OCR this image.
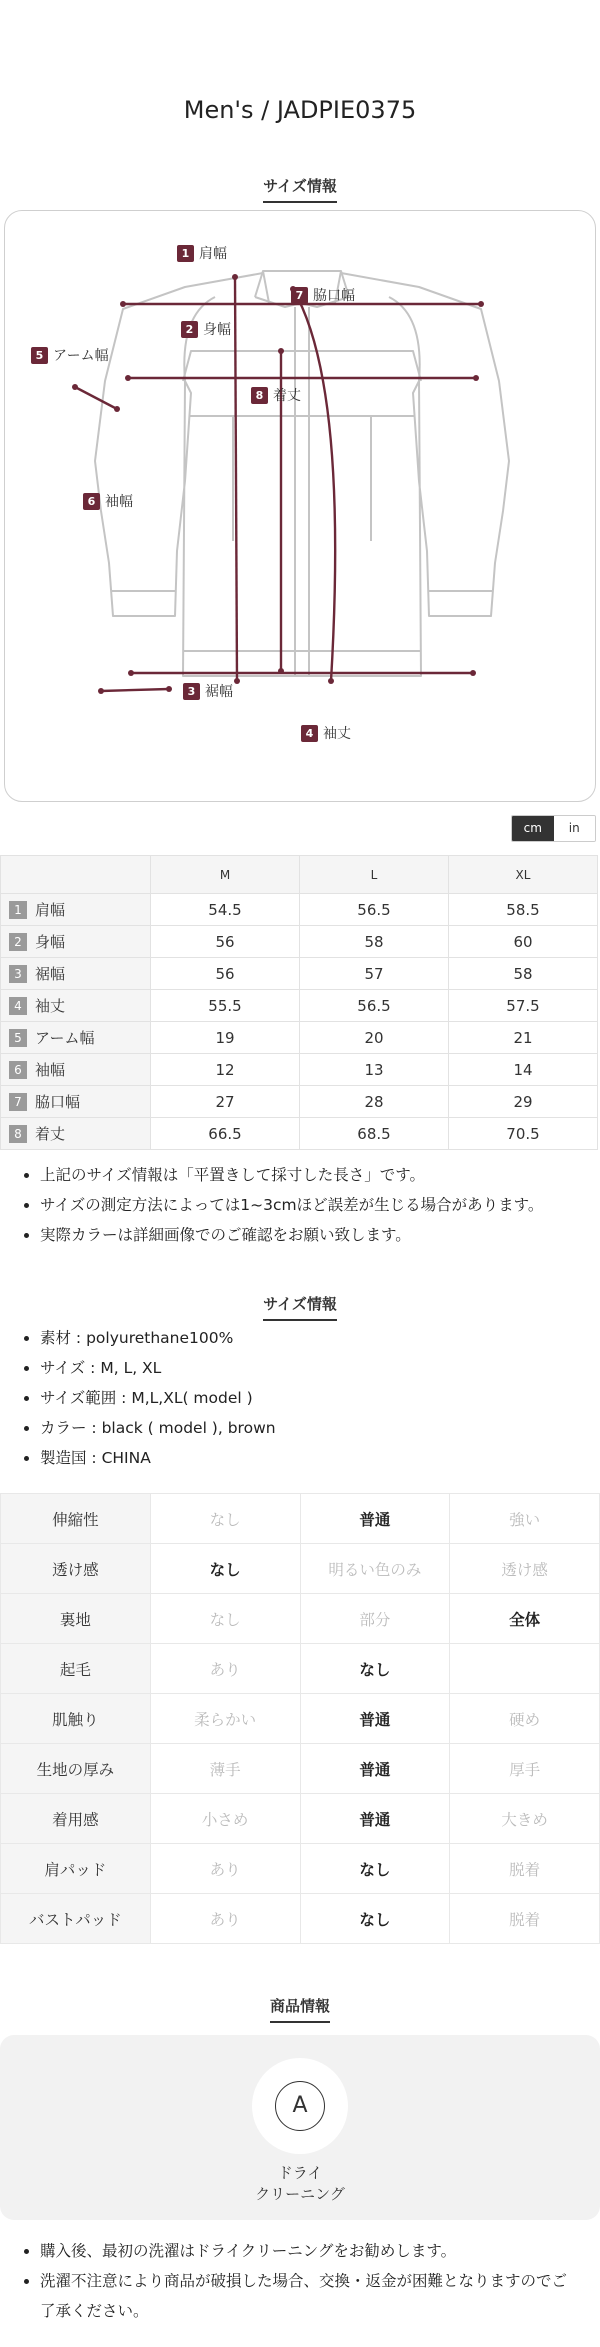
Men's / JADPIE0375
サイズ情報
1 肩幅
2 身幅
3 裾幅
4 袖丈
5 アーム幅
6 袖幅
7 脇口幅
8 着丈
cm	in
	M	L	XL
1 肩幅	54.5	56.5	58.5
2 身幅	56	58	60
3 裾幅	56	57	58
4 袖丈	55.5	56.5	57.5
5 アーム幅	19	20	21
6 袖幅	12	13	14
7 脇口幅	27	28	29
8 着丈	66.5	68.5	70.5
• 上記のサイズ情報は「平置きして採寸した長さ」です。
• サイズの測定方法によっては1~3cmほど誤差が生じる場合があります。
• 実際カラーは詳細画像でのご確認をお願い致します。
サイズ情報
• 素材 : polyurethane100%
• サイズ : M, L, XL
• サイズ範囲 : M,L,XL( model )
• カラー : black ( model ), brown
• 製造国 : CHINA
伸縮性	なし	普通	強い
透け感	なし	明るい色のみ	透け感
裏地	なし	部分	全体
起毛	あり	なし	
肌触り	柔らかい	普通	硬め
生地の厚み	薄手	普通	厚手
着用感	小さめ	普通	大きめ
肩パッド	あり	なし	脱着
バストパッド	あり	なし	脱着
商品情報
A
ドライ
クリーニング
• 購入後、最初の洗濯はドライクリーニングをお勧めします。
• 洗濯不注意により商品が破損した場合、交換・返金が困難となりますのでご了承ください。
